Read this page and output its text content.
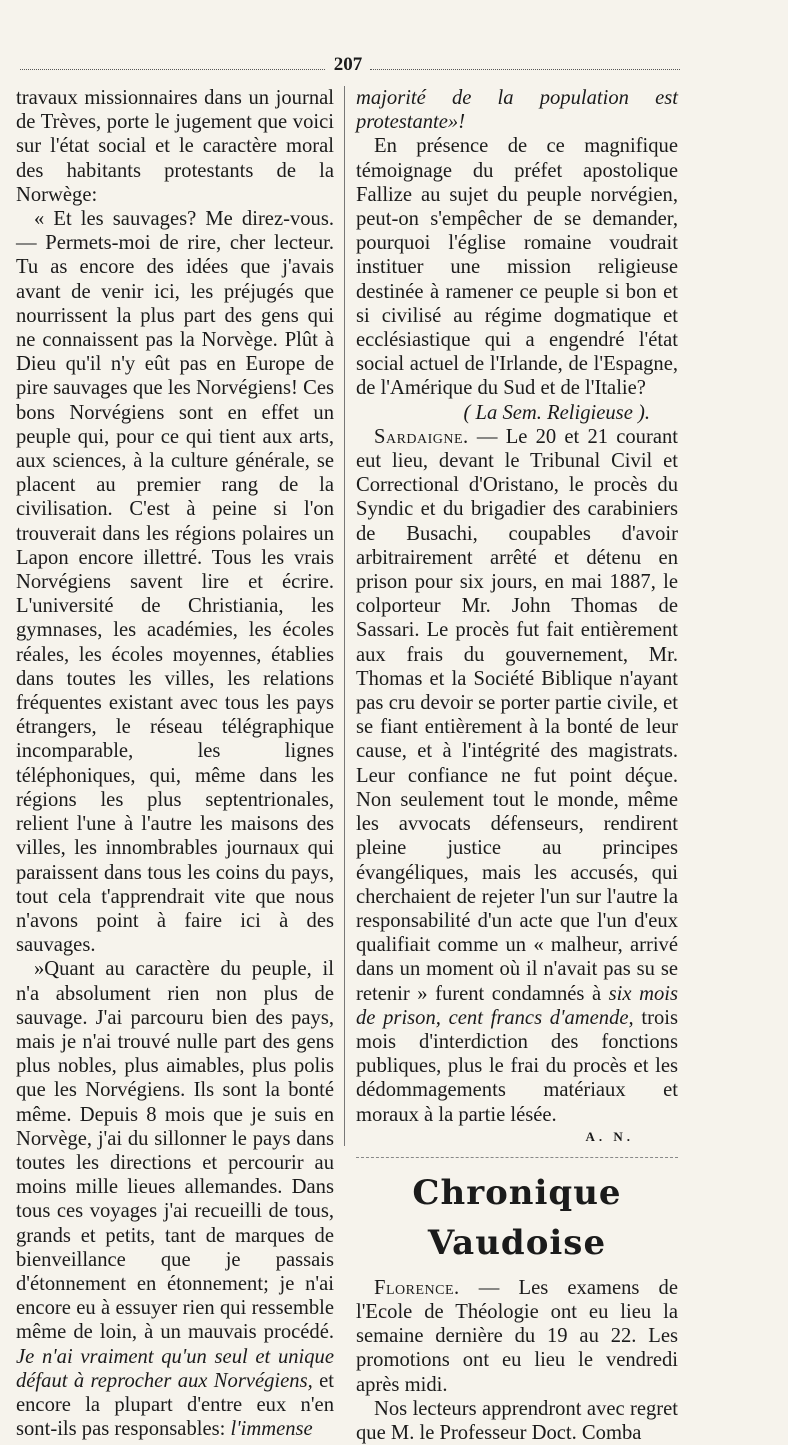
207

travaux missionnaires dans un journal de Trèves, porte le jugement que voici sur l'état social et le caractère moral des habitants protestants de la Norwège:

« Et les sauvages? Me direz-vous. — Permets-moi de rire, cher lecteur. Tu as encore des idées que j'avais avant de venir ici, les préjugés que nourrissent la plus part des gens qui ne connaissent pas la Norvège. Plût à Dieu qu'il n'y eût pas en Europe de pire sauvages que les Norvégiens! Ces bons Norvégiens sont en effet un peuple qui, pour ce qui tient aux arts, aux sciences, à la culture générale, se placent au premier rang de la civilisation. C'est à peine si l'on trouverait dans les régions polaires un Lapon encore illettré. Tous les vrais Norvégiens savent lire et écrire. L'université de Christiania, les gymnases, les académies, les écoles réales, les écoles moyennes, établies dans toutes les villes, les relations fréquentes existant avec tous les pays étrangers, le réseau télégraphique incomparable, les lignes téléphoniques, qui, même dans les régions les plus septentrionales, relient l'une à l'autre les maisons des villes, les innombrables journaux qui paraissent dans tous les coins du pays, tout cela t'apprendrait vite que nous n'avons point à faire ici à des sauvages.

»Quant au caractère du peuple, il n'a absolument rien non plus de sauvage. J'ai parcouru bien des pays, mais je n'ai trouvé nulle part des gens plus nobles, plus aimables, plus polis que les Norvégiens. Ils sont la bonté même. Depuis 8 mois que je suis en Norvège, j'ai du sillonner le pays dans toutes les directions et percourir au moins mille lieues allemandes. Dans tous ces voyages j'ai recueilli de tous, grands et petits, tant de marques de bienveillance que je passais d'étonnement en étonnement; je n'ai encore eu à essuyer rien qui ressemble même de loin, à un mauvais procédé. Je n'ai vraiment qu'un seul et unique défaut à reprocher aux Norvégiens, et encore la plupart d'entre eux n'en sont-ils pas responsables: l'immense

majorité de la population est protestante»!

En présence de ce magnifique témoignage du préfet apostolique Fallize au sujet du peuple norvégien, peut-on s'empêcher de se demander, pourquoi l'église romaine voudrait instituer une mission religieuse destinée à ramener ce peuple si bon et si civilisé au régime dogmatique et ecclésiastique qui a engendré l'état social actuel de l'Irlande, de l'Espagne, de l'Amérique du Sud et de l'Italie?

( La Sem. Religieuse ).

Sardaigne. — Le 20 et 21 courant eut lieu, devant le Tribunal Civil et Correctional d'Oristano, le procès du Syndic et du brigadier des carabiniers de Busachi, coupables d'avoir arbitrairement arrêté et détenu en prison pour six jours, en mai 1887, le colporteur Mr. John Thomas de Sassari. Le procès fut fait entièrement aux frais du gouvernement, Mr. Thomas et la Société Biblique n'ayant pas cru devoir se porter partie civile, et se fiant entièrement à la bonté de leur cause, et à l'intégrité des magistrats. Leur confiance ne fut point déçue. Non seulement tout le monde, même les avvocats défenseurs, rendirent pleine justice au principes évangéliques, mais les accusés, qui cherchaient de rejeter l'un sur l'autre la responsabilité d'un acte que l'un d'eux qualifiait comme un « malheur, arrivé dans un moment où il n'avait pas su se retenir » furent condamnés à six mois de prison, cent francs d'amende, trois mois d'interdiction des fonctions publiques, plus le frai du procès et les dédommagements matériaux et moraux à la partie lésée.

A. N.

Chronique Vaudoise

Florence. — Les examens de l'Ecole de Théologie ont eu lieu la semaine dernière du 19 au 22. Les promotions ont eu lieu le vendredi après midi.

Nos lecteurs apprendront avec regret que M. le Professeur Doct. Comba
